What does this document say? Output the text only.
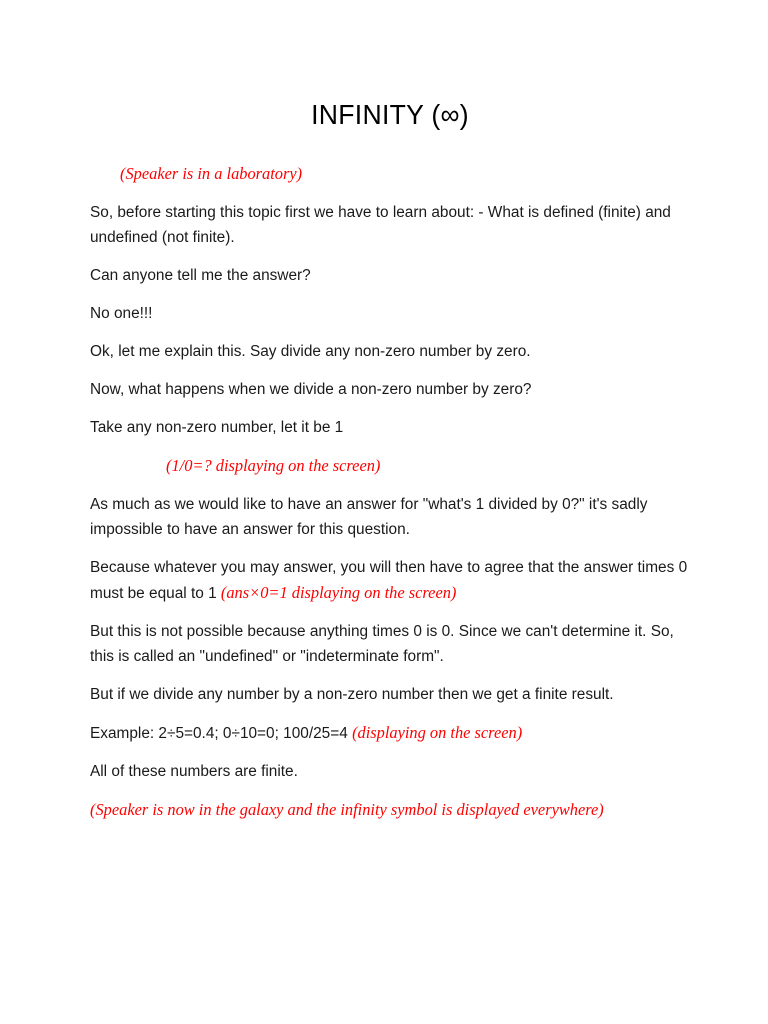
INFINITY (∞)

(Speaker is in a laboratory)

So, before starting this topic first we have to learn about: - What is defined (finite) and undefined (not finite).

Can anyone tell me the answer?

No one!!!

Ok, let me explain this. Say divide any non-zero number by zero.

Now, what happens when we divide a non-zero number by zero?

Take any non-zero number, let it be 1

(1/0=? displaying on the screen)

As much as we would like to have an answer for "what's 1 divided by 0?" it's sadly impossible to have an answer for this question.

Because whatever you may answer, you will then have to agree that the answer times 0 must be equal to 1 (ans×0=1 displaying on the screen)

But this is not possible because anything times 0 is 0. Since we can't determine it. So, this is called an "undefined" or "indeterminate form".

But if we divide any number by a non-zero number then we get a finite result.

Example: 2÷5=0.4; 0÷10=0; 100/25=4 (displaying on the screen)

All of these numbers are finite.

(Speaker is now in the galaxy and the infinity symbol is displayed everywhere)
